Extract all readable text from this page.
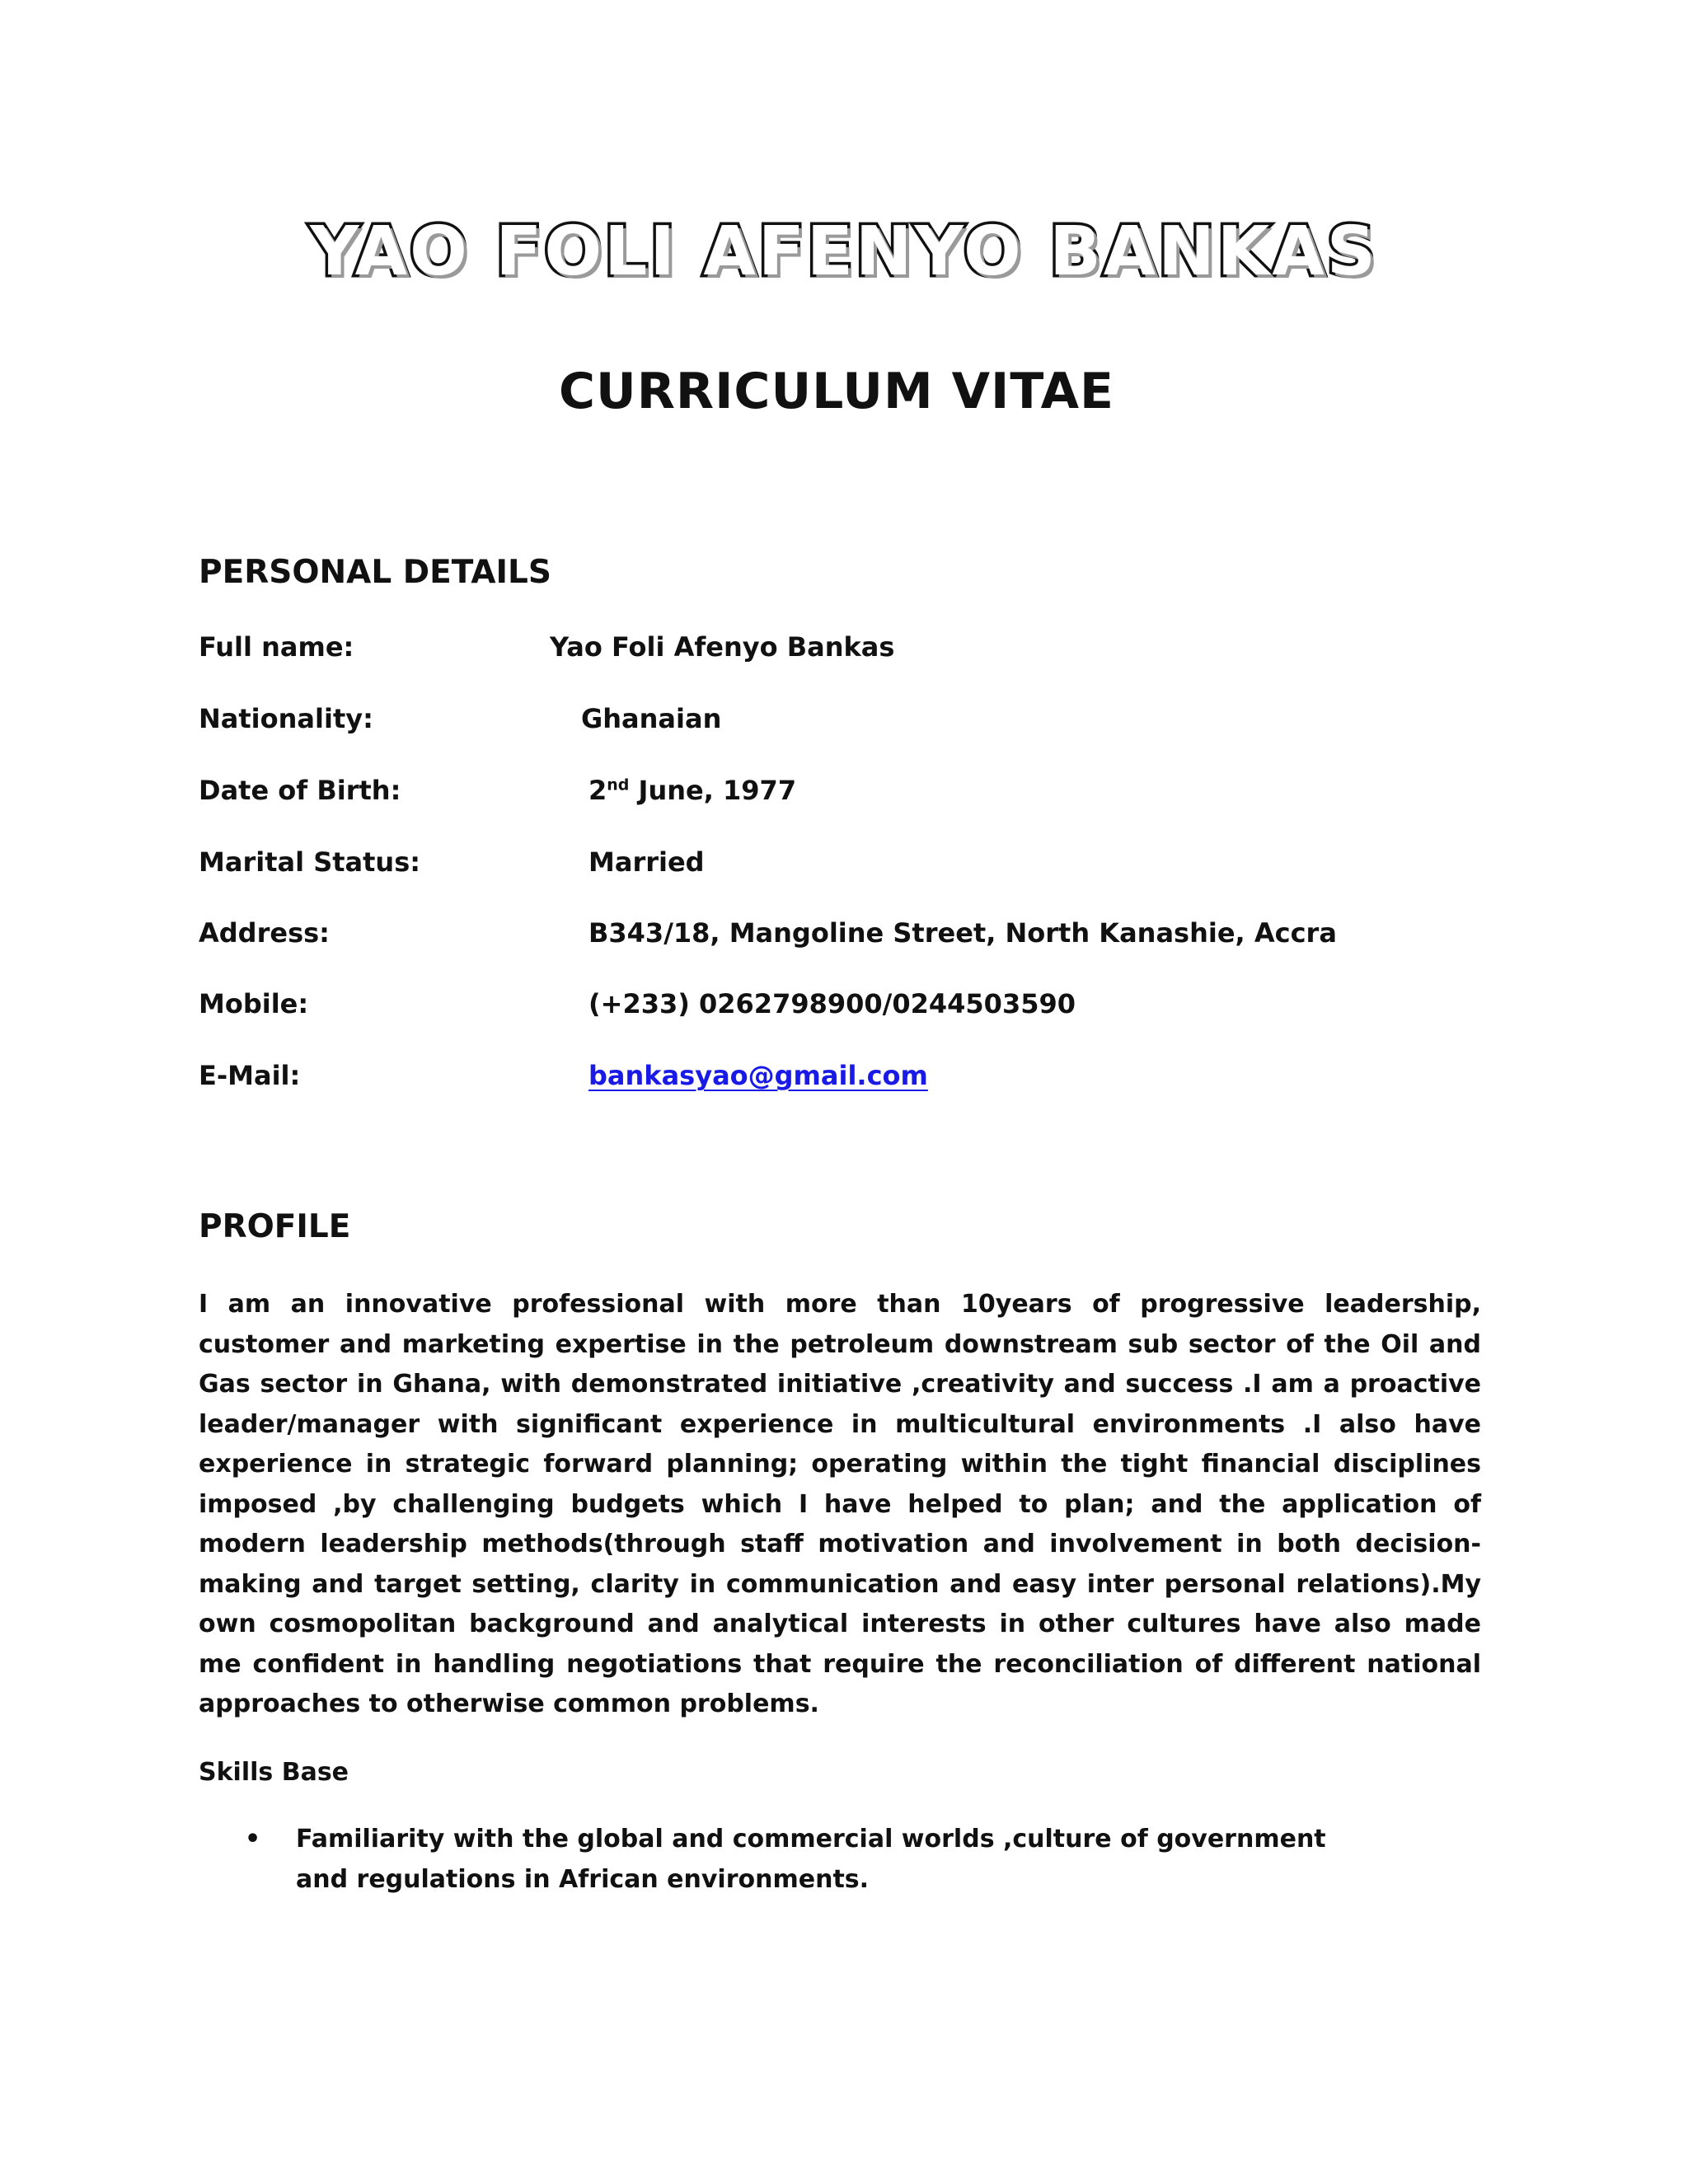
YAO FOLI AFENYO BANKAS
CURRICULUM VITAE
PERSONAL DETAILS
Full name:	Yao Foli Afenyo Bankas
Nationality:	Ghanaian
Date of Birth:	2nd June, 1977
Marital Status:	Married
Address:	B343/18, Mangoline Street, North Kanashie, Accra
Mobile:	(+233) 0262798900/0244503590
E-Mail:	bankasyao@gmail.com
PROFILE

I am an innovative professional with more than 10years of progressive leadership, customer and marketing expertise in the petroleum downstream sub sector of the Oil and Gas sector in Ghana, with demonstrated initiative ,creativity and success .I am a proactive leader/manager with significant experience in multicultural environments .I also have experience in strategic forward planning; operating within the tight financial disciplines imposed ,by challenging budgets which I have helped to plan; and the application of modern leadership methods(through staff motivation and involvement in both decision-making and target setting, clarity in communication and easy inter personal relations).My own cosmopolitan background and analytical interests in other cultures have also made me confident in handling negotiations that require the reconciliation of different national approaches to otherwise common problems.

Skills Base
• Familiarity with the global and commercial worlds ,culture of government and regulations in African environments.
